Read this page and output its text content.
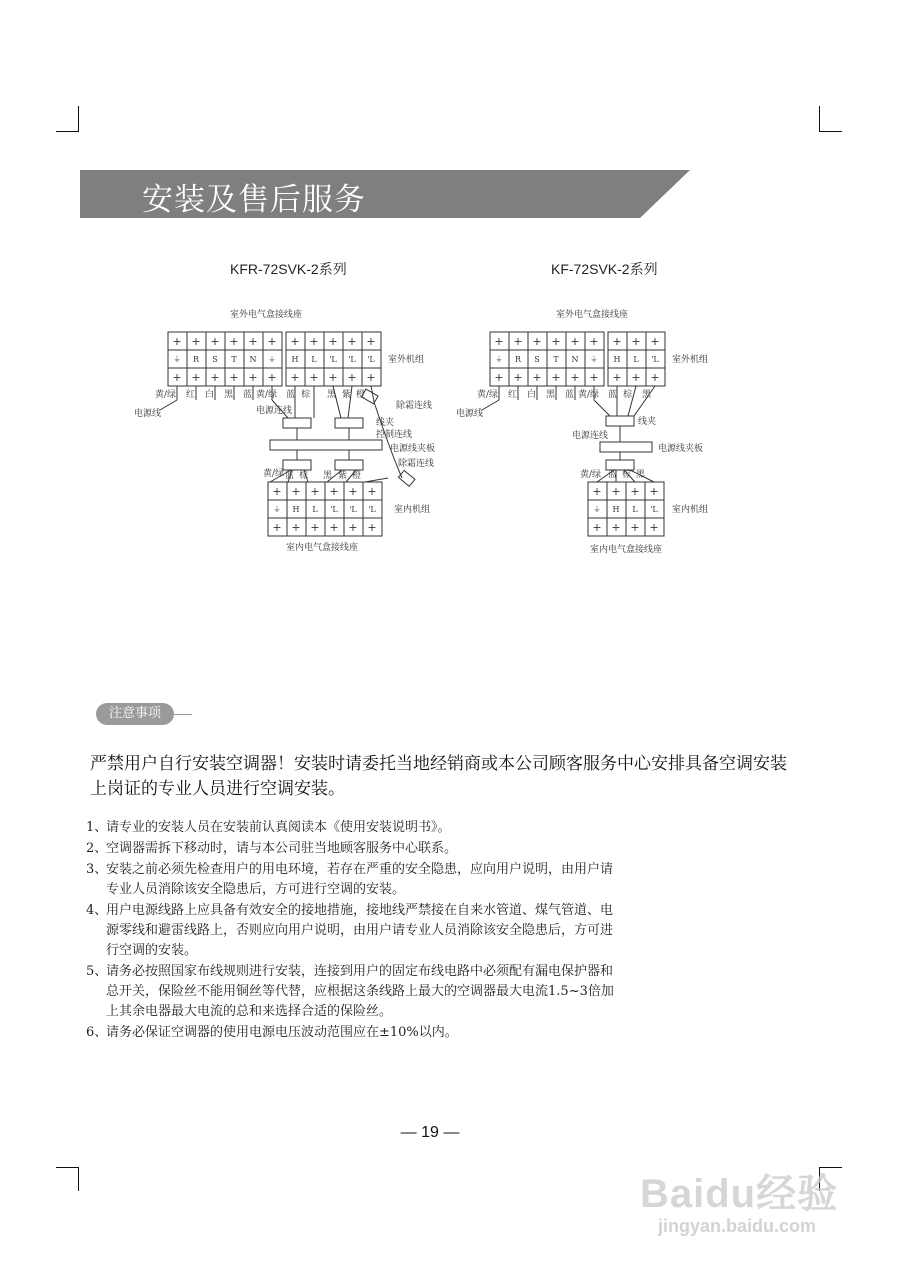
安装及售后服务
KFR-72SVK-2系列	KF-72SVK-2系列
+ + + + + + + + + + +
+ + + + + + + + + + +
+ + + + + +
+ + + + + +
⏚ R S T N ⏚ H L 'L 'L 'L
⏚ H L 'L 'L 'L
室外电气盒接线座
室外机组
黄/绿 红 白 黑 蓝 黄/绿 蓝 棕 黑 紫 橙
电源线	电源连线	除霜连线
线夹
控制连线
电源线夹板
除霜连线
黄/绿 蓝 棕 黑 紫 橙
室内机组
室内电气盒接线座
+ + + + + + + + +
+ + + + + + + + +
+ + + +
+ + + +
⏚ R S T N ⏚ H L 'L
⏚ H L 'L
室外电气盒接线座
室外机组
黄/绿 红 白 黑 蓝 黄/绿 蓝 棕 黑
电源线
线夹
电源连线
电源线夹板
黄/绿 蓝 棕 黑
室内机组
室内电气盒接线座
注意事项
严禁用户自行安装空调器！安装时请委托当地经销商或本公司顾客服务中心安排具备空调安装上岗证的专业人员进行空调安装。
1、
请专业的安装人员在安装前认真阅读本《使用安装说明书》。
2、
空调器需拆下移动时，请与本公司驻当地顾客服务中心联系。
3、
安装之前必须先检查用户的用电环境，若存在严重的安全隐患，应向用户说明，由用户请
专业人员消除该安全隐患后，方可进行空调的安装。
4、
用户电源线路上应具备有效安全的接地措施，接地线严禁接在自来水管道、煤气管道、电
源零线和避雷线路上，否则应向用户说明，由用户请专业人员消除该安全隐患后，方可进
行空调的安装。
5、
请务必按照国家布线规则进行安装，连接到用户的固定布线电路中必须配有漏电保护器和
总开关，保险丝不能用铜丝等代替，应根据这条线路上最大的空调器最大电流1.5~3倍加
上其余电器最大电流的总和来选择合适的保险丝。
6、
请务必保证空调器的使用电源电压波动范围应在±10%以内。
— 19 —
Baidu经验
jingyan.baidu.com
